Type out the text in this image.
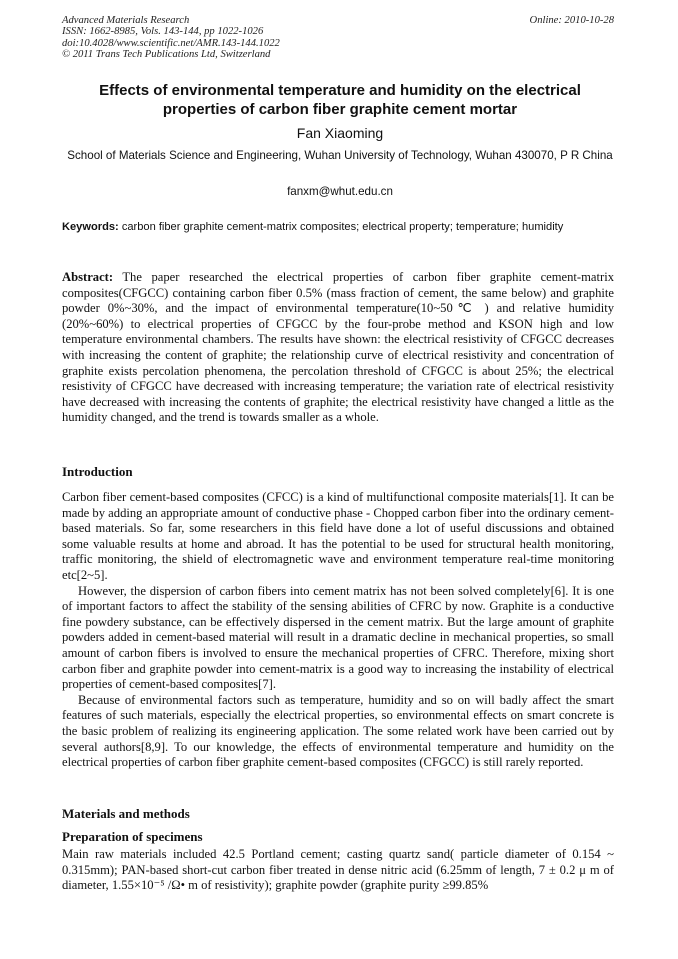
Advanced Materials Research
ISSN: 1662-8985, Vols. 143-144, pp 1022-1026
doi:10.4028/www.scientific.net/AMR.143-144.1022
© 2011 Trans Tech Publications Ltd, Switzerland
Online: 2010-10-28
Effects of environmental temperature and humidity on the electrical properties of carbon fiber graphite cement mortar
Fan Xiaoming
School of Materials Science and Engineering, Wuhan University of Technology, Wuhan 430070, P R China
fanxm@whut.edu.cn
Keywords: carbon fiber graphite cement-matrix composites; electrical property; temperature; humidity
Abstract: The paper researched the electrical properties of carbon fiber graphite cement-matrix composites(CFGCC) containing carbon fiber 0.5% (mass fraction of cement, the same below) and graphite powder 0%~30%, and the impact of environmental temperature(10~50℃ ) and relative humidity (20%~60%) to electrical properties of CFGCC by the four-probe method and KSON high and low temperature environmental chambers. The results have shown: the electrical resistivity of CFGCC decreases with increasing the content of graphite; the relationship curve of electrical resistivity and concentration of graphite exists percolation phenomena, the percolation threshold of CFGCC is about 25%; the electrical resistivity of CFGCC have decreased with increasing temperature; the variation rate of electrical resistivity have decreased with increasing the contents of graphite; the electrical resistivity have changed a little as the humidity changed, and the trend is towards smaller as a whole.
Introduction

Carbon fiber cement-based composites (CFCC) is a kind of multifunctional composite materials[1]. It can be made by adding an appropriate amount of conductive phase - Chopped carbon fiber into the ordinary cement-based materials. So far, some researchers in this field have done a lot of useful discussions and obtained some valuable results at home and abroad. It has the potential to be used for structural health monitoring, traffic monitoring, the shield of electromagnetic wave and environment temperature real-time monitoring etc[2~5].

However, the dispersion of carbon fibers into cement matrix has not been solved completely[6]. It is one of important factors to affect the stability of the sensing abilities of CFRC by now. Graphite is a conductive fine powdery substance, can be effectively dispersed in the cement matrix. But the large amount of graphite powders added in cement-based material will result in a dramatic decline in mechanical properties, so small amount of carbon fibers is involved to ensure the mechanical properties of CFRC. Therefore, mixing short carbon fiber and graphite powder into cement-matrix is a good way to increasing the instability of electrical properties of cement-based composites[7].

Because of environmental factors such as temperature, humidity and so on will badly affect the smart features of such materials, especially the electrical properties, so environmental effects on smart concrete is the basic problem of realizing its engineering application. The some related work have been carried out by several authors[8,9]. To our knowledge, the effects of environmental temperature and humidity on the electrical properties of carbon fiber graphite cement-based composites (CFGCC) is still rarely reported.

Materials and methods
Preparation of specimens
Main raw materials included 42.5 Portland cement; casting quartz sand( particle diameter of 0.154 ~ 0.315mm); PAN-based short-cut carbon fiber treated in dense nitric acid (6.25mm of length, 7 ± 0.2 μ m of diameter, 1.55×10⁻⁵ /Ω• m of resistivity); graphite powder (graphite purity ≥99.85%
